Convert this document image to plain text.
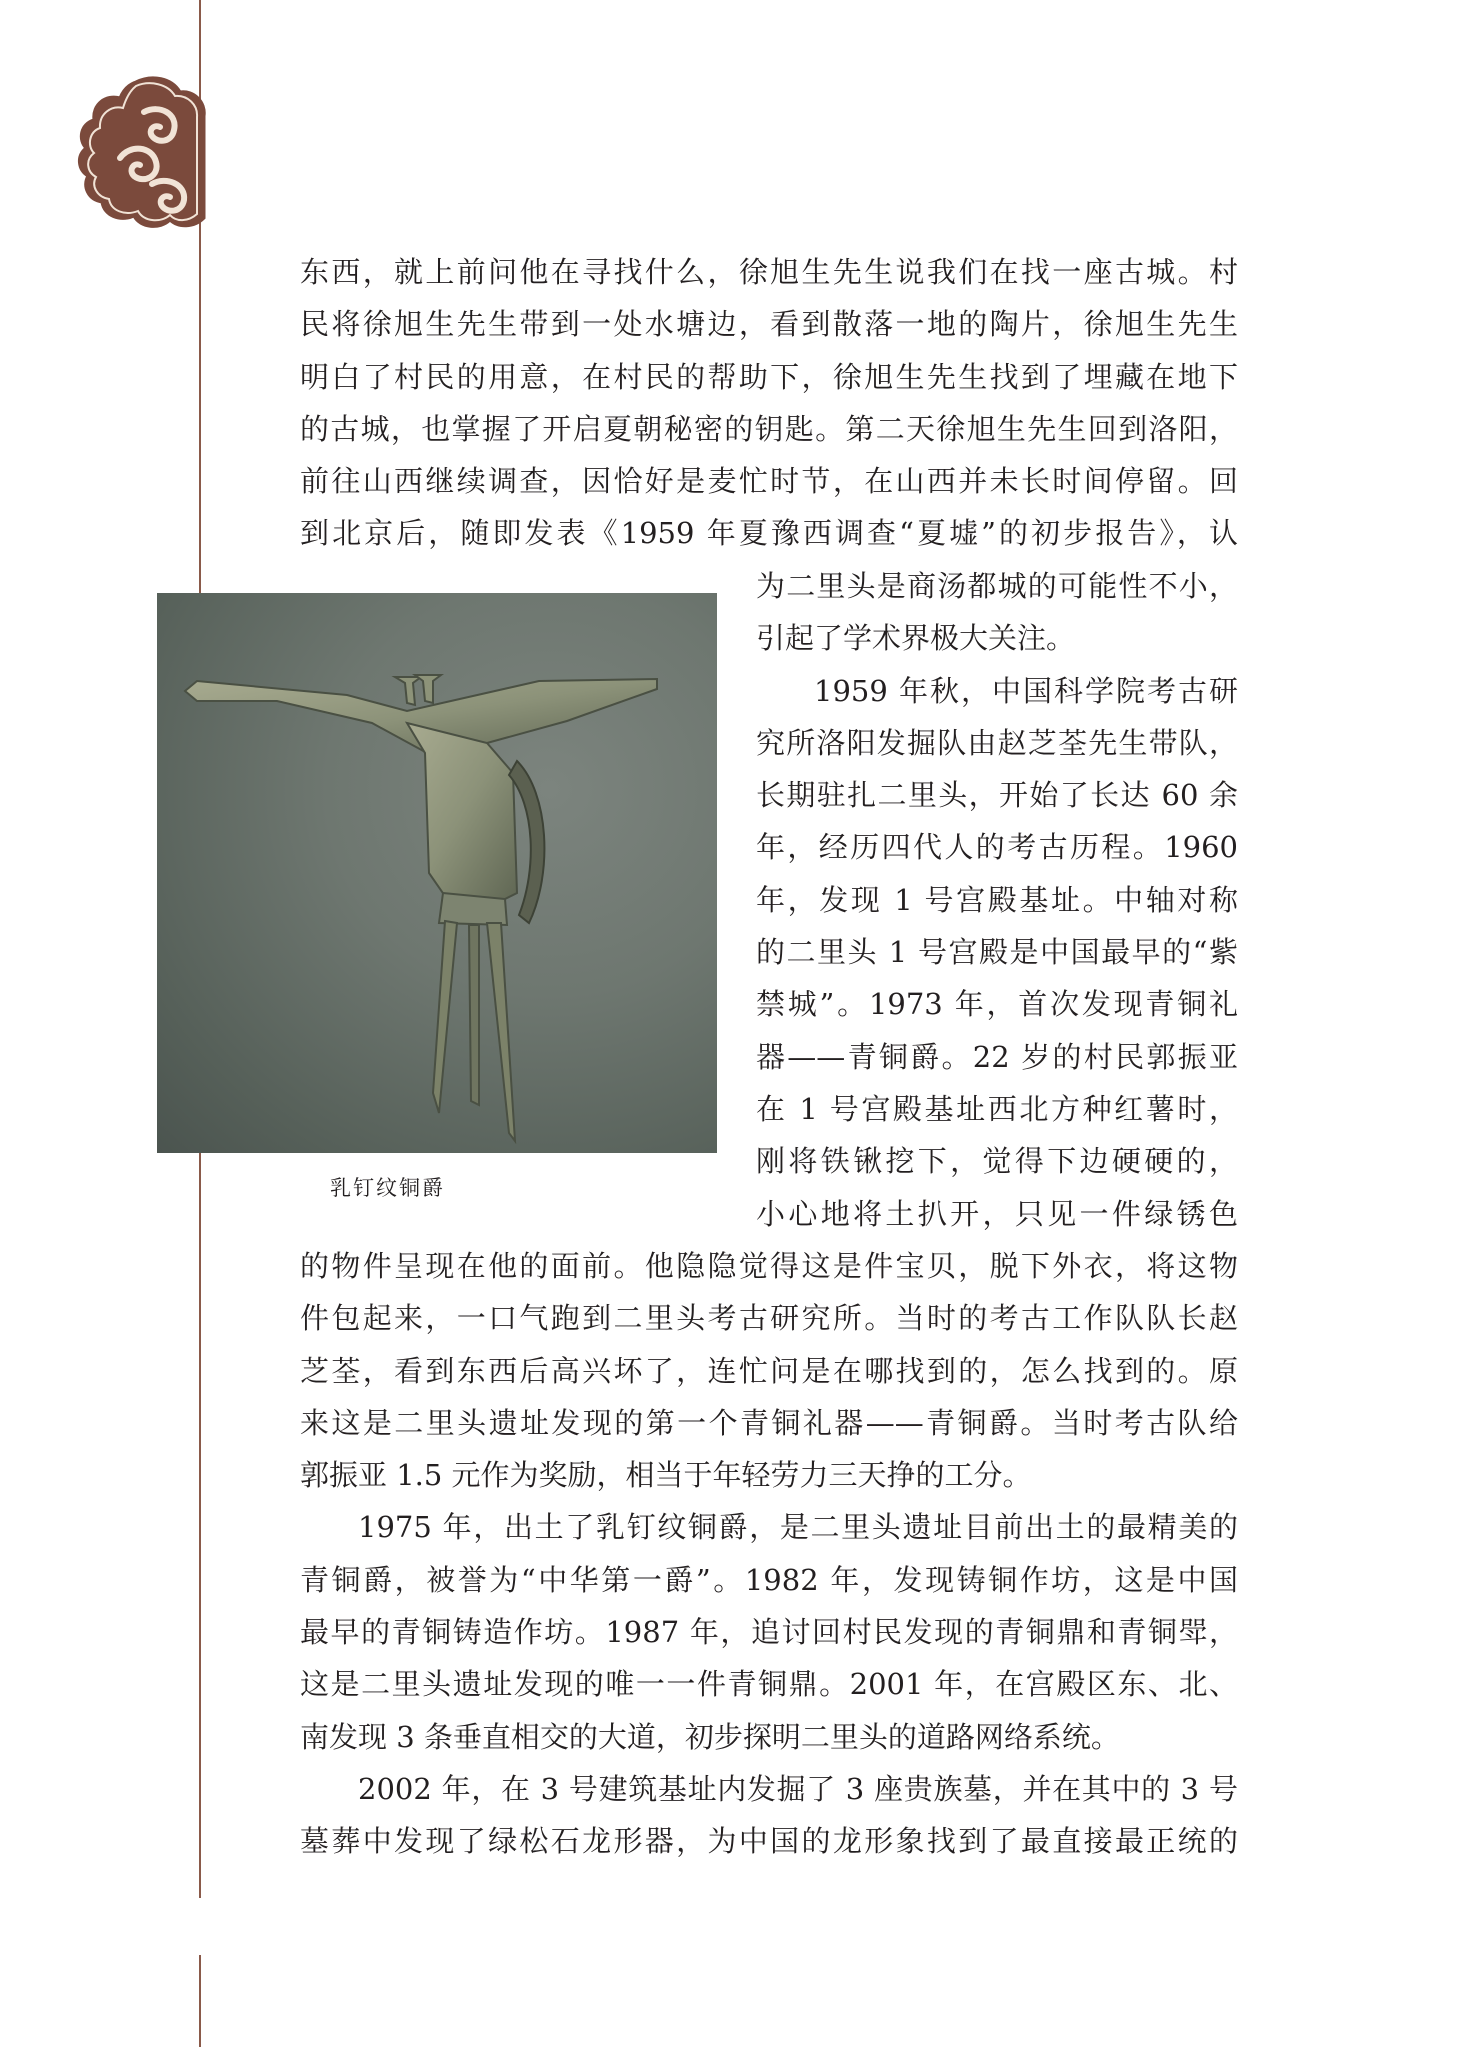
东西，就上前问他在寻找什么，徐旭生先生说我们在找一座古城。村

民将徐旭生先生带到一处水塘边，看到散落一地的陶片，徐旭生先生

明白了村民的用意，在村民的帮助下，徐旭生先生找到了埋藏在地下

的古城，也掌握了开启夏朝秘密的钥匙。第二天徐旭生先生回到洛阳，

前往山西继续调查，因恰好是麦忙时节，在山西并未长时间停留。回

到北京后，随即发表《1959 年夏豫西调查“夏墟”的初步报告》，认

乳钉纹铜爵

为二里头是商汤都城的可能性不小，

引起了学术界极大关注。

1959 年秋，中国科学院考古研

究所洛阳发掘队由赵芝荃先生带队，

长期驻扎二里头，开始了长达 60 余

年，经历四代人的考古历程。1960

年，发现 1 号宫殿基址。中轴对称

的二里头 1 号宫殿是中国最早的“紫

禁城”。1973 年，首次发现青铜礼

器——青铜爵。22 岁的村民郭振亚

在 1 号宫殿基址西北方种红薯时，

刚将铁锹挖下，觉得下边硬硬的，

小心地将土扒开，只见一件绿锈色

的物件呈现在他的面前。他隐隐觉得这是件宝贝，脱下外衣，将这物

件包起来，一口气跑到二里头考古研究所。当时的考古工作队队长赵

芝荃，看到东西后高兴坏了，连忙问是在哪找到的，怎么找到的。原

来这是二里头遗址发现的第一个青铜礼器——青铜爵。当时考古队给

郭振亚 1.5 元作为奖励，相当于年轻劳力三天挣的工分。

1975 年，出土了乳钉纹铜爵，是二里头遗址目前出土的最精美的

青铜爵，被誉为“中华第一爵”。1982 年，发现铸铜作坊，这是中国

最早的青铜铸造作坊。1987 年，追讨回村民发现的青铜鼎和青铜斝，

这是二里头遗址发现的唯一一件青铜鼎。2001 年，在宫殿区东、北、

南发现 3 条垂直相交的大道，初步探明二里头的道路网络系统。

2002 年，在 3 号建筑基址内发掘了 3 座贵族墓，并在其中的 3 号

墓葬中发现了绿松石龙形器，为中国的龙形象找到了最直接最正统的
